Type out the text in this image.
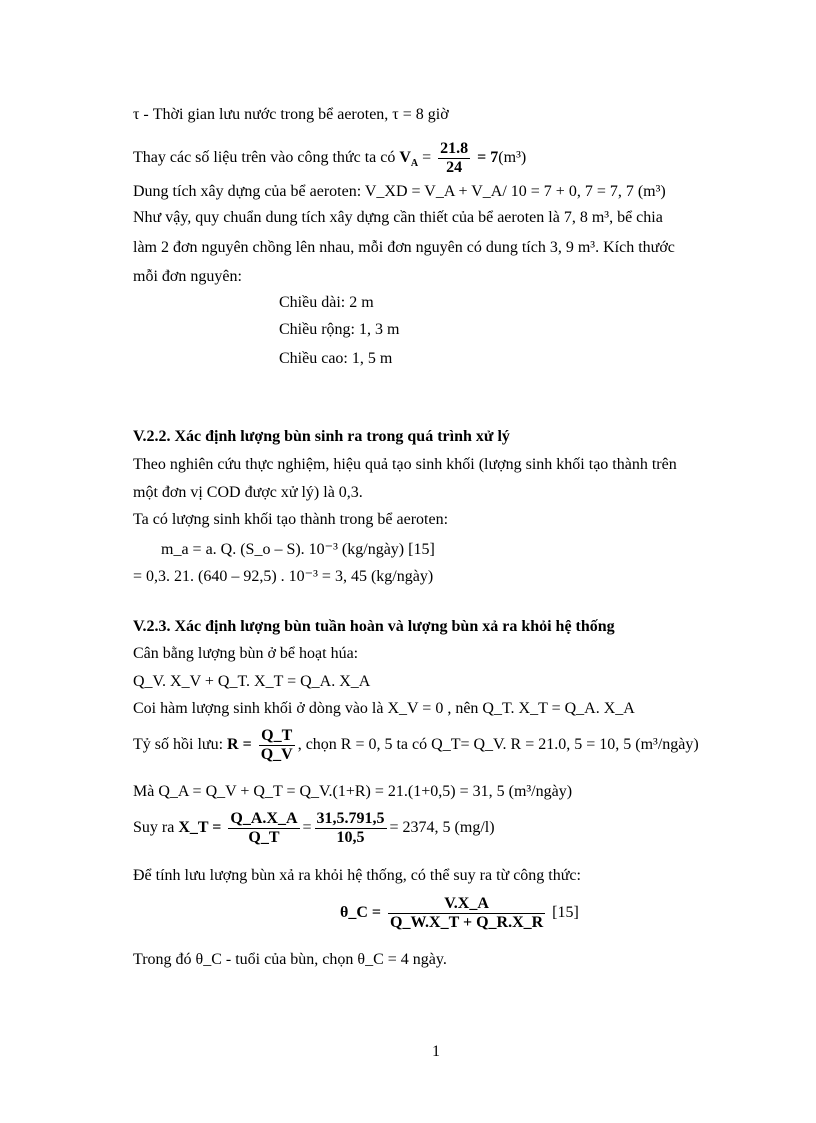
τ - Thời gian lưu nước trong bể aeroten, τ = 8 giờ
Thay các số liệu trên vào công thức ta có $V_A = \frac{21.8}{24} = 7(m^3)$
Dung tích xây dựng của bể aeroten: V_XD = V_A + V_A/ 10 = 7 + 0, 7 = 7, 7 (m³)
Như vậy, quy chuẩn dung tích xây dựng cần thiết của bể aeroten là 7, 8 m³, bể chia
làm 2 đơn nguyên chồng lên nhau, mỗi đơn nguyên có dung tích 3, 9 m³. Kích thước
mỗi đơn nguyên:
Chiều dài: 2 m
Chiều rộng: 1, 3 m
Chiều cao: 1, 5 m
V.2.2. Xác định lượng bùn sinh ra trong quá trình xử lý
Theo nghiên cứu thực nghiệm, hiệu quả tạo sinh khối (lượng sinh khối tạo thành trên
một đơn vị COD được xử lý) là 0,3.
Ta có lượng sinh khối tạo thành trong bể aeroten:
m_a = a. Q. (S_o – S). 10⁻³ (kg/ngày) [15]
= 0,3. 21. (640 – 92,5) . 10⁻³ = 3, 45 (kg/ngày)
V.2.3. Xác định lượng bùn tuần hoàn và lượng bùn xả ra khỏi hệ thống
Cân bằng lượng bùn ở bể hoạt húa:
Q_V. X_V + Q_T. X_T = Q_A. X_A
Coi hàm lượng sinh khối ở dòng vào là X_V = 0 , nên Q_T. X_T = Q_A. X_A
Tỷ số hồi lưu: $R = \frac{Q\_T}{Q\_V}$ , chọn R = 0, 5 ta có Q_T= Q_V. R = 21.0, 5 = 10, 5 (m³/ngày)
Mà Q_A = Q_V + Q_T = Q_V.(1+R) = 21.(1+0,5) = 31, 5 (m³/ngày)
Suy ra X_T = $\frac{Q\_A.X\_A}{Q\_T} = \frac{31,5.791,5}{10,5} = 2374$, 5 (mg/l)
Để tính lưu lượng bùn xả ra khỏi hệ thống, có thể suy ra từ công thức:
θ_C = $\frac{V.X\_A}{Q\_W.X\_T + Q\_R.X\_R} [15]$
Trong đó θ_C - tuổi của bùn, chọn θ_C = 4 ngày.
1
